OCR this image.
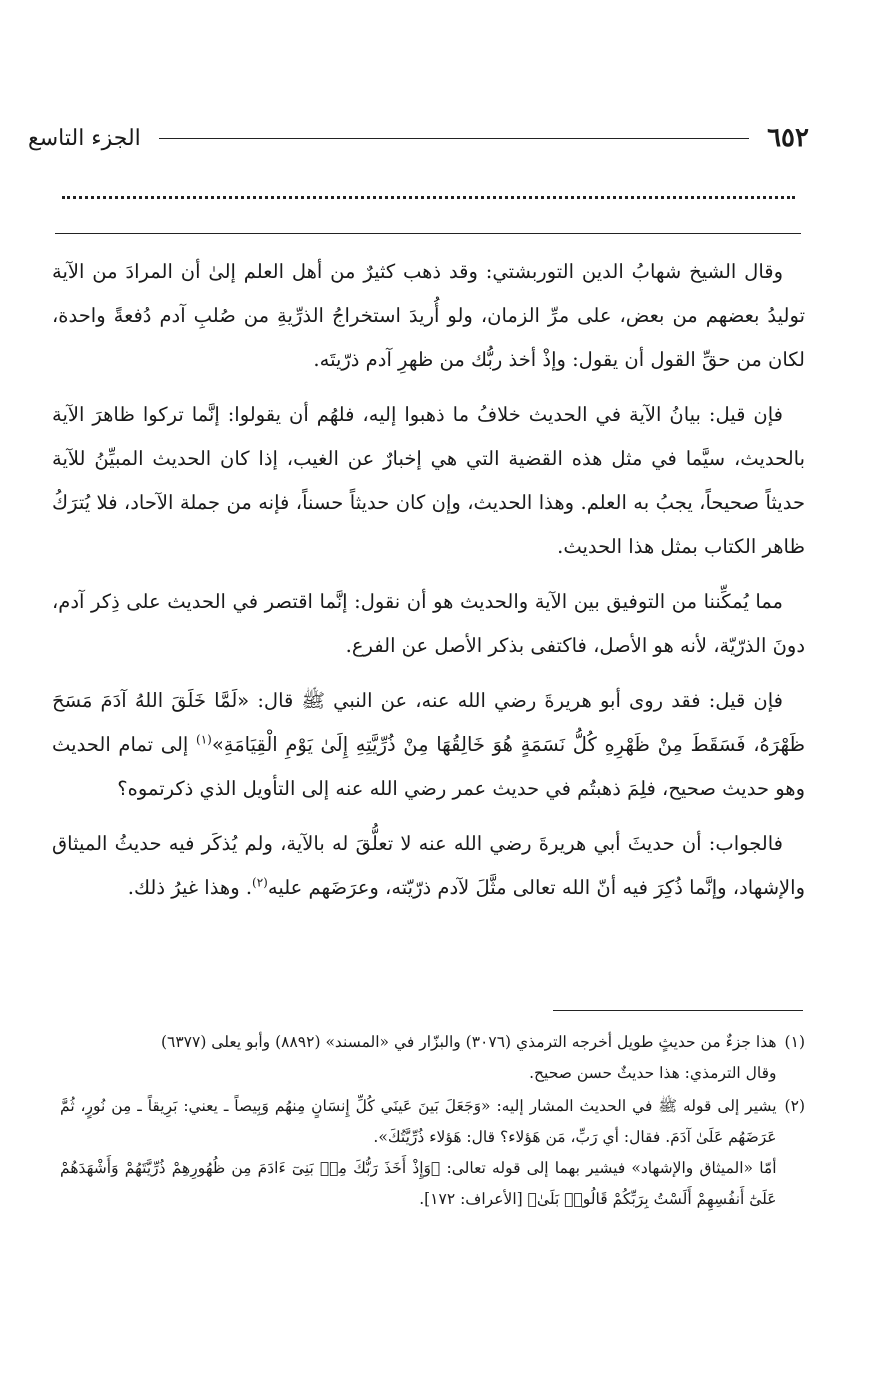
٦٥٢
الجزء التاسع

وقال الشيخ شهابُ الدين التوربشتي: وقد ذهب كثيرٌ من أهل العلم إلىٰ أن المرادَ من الآية توليدُ بعضهم من بعض، على مرِّ الزمان، ولو أُريدَ استخراجُ الذرِّيةِ من صُلبِ آدم دُفعةً واحدة، لكان من حقِّ القول أن يقول: وإذْ أخذ ربُّك من ظهرِ آدم ذرّيتَه.

فإن قيل: بيانُ الآية في الحديث خلافُ ما ذهبوا إليه، فلهُم أن يقولوا: إنَّما تركوا ظاهرَ الآية بالحديث، سيَّما في مثل هذه القضية التي هي إخبارٌ عن الغيب، إذا كان الحديث المبيِّنُ للآية حديثاً صحيحاً، يجبُ به العلم. وهذا الحديث، وإن كان حديثاً حسناً، فإنه من جملة الآحاد، فلا يُترَكُ ظاهر الكتاب بمثل هذا الحديث.

مما يُمكِّننا من التوفيق بين الآية والحديث هو أن نقول: إنَّما اقتصر في الحديث على ذِكر آدم، دونَ الذرّيّة، لأنه هو الأصل، فاكتفى بذكر الأصل عن الفرع.

فإن قيل: فقد روى أبو هريرةَ رضي الله عنه، عن النبي ﷺ قال: «لَمَّا خَلَقَ اللهُ آدَمَ مَسَحَ ظَهْرَهُ، فَسَقَطَ مِنْ ظَهْرِهِ كُلُّ نَسَمَةٍ هُوَ خَالِقُهَا مِنْ ذُرِّيَّتِهِ إِلَىٰ يَوْمِ الْقِيَامَةِ»$^{(١)}$ إلى تمام الحديث وهو حديث صحيح، فلِمَ ذهبتُم في حديث عمر رضي الله عنه إلى التأويل الذي ذكرتموه؟

فالجواب: أن حديثَ أبي هريرةَ رضي الله عنه لا تعلُّقَ له بالآية، ولم يُذكَر فيه حديثُ الميثاق والإشهاد، وإنَّما ذُكِرَ فيه أنّ الله تعالى مثَّلَ لآدم ذرّيّته، وعرَضَهم عليه$^{(٢)}$. وهذا غيرُ ذلك.

(١)

هذا جزءٌ من حديثٍ طويل أخرجه الترمذي (٣٠٧٦) والبزّار في «المسند» (٨٨٩٢) وأبو يعلى (٦٣٧٧)

وقال الترمذي: هذا حديثٌ حسن صحيح.

(٢)

يشير إلى قوله ﷺ في الحديث المشار إليه: «وَجَعَلَ بَينَ عَينَي كُلِّ إِنسَانٍ مِنهُم وَبِيصاً ـ يعني: بَرِيقاً ـ مِن نُورٍ، ثُمَّ عَرَضَهُم عَلَىٰ آدَمَ. فقال: أي رَبِّ، مَن هَؤلاء؟ قال: هَؤلاء ذُرِّيَّتُكَ».

أمّا «الميثاق والإشهاد» فيشير بهما إلى قوله تعالى: ﴿وَإِذْ أَخَذَ رَبُّكَ مِنۢ بَنِىٓ ءَادَمَ مِن ظُهُورِهِمْ ذُرِّيَّتَهُمْ وَأَشْهَدَهُمْ عَلَىٰٓ أَنفُسِهِمْ أَلَسْتُ بِرَبِّكُمْ قَالُوا۟ بَلَىٰ﴾ [الأعراف: ١٧٢].
